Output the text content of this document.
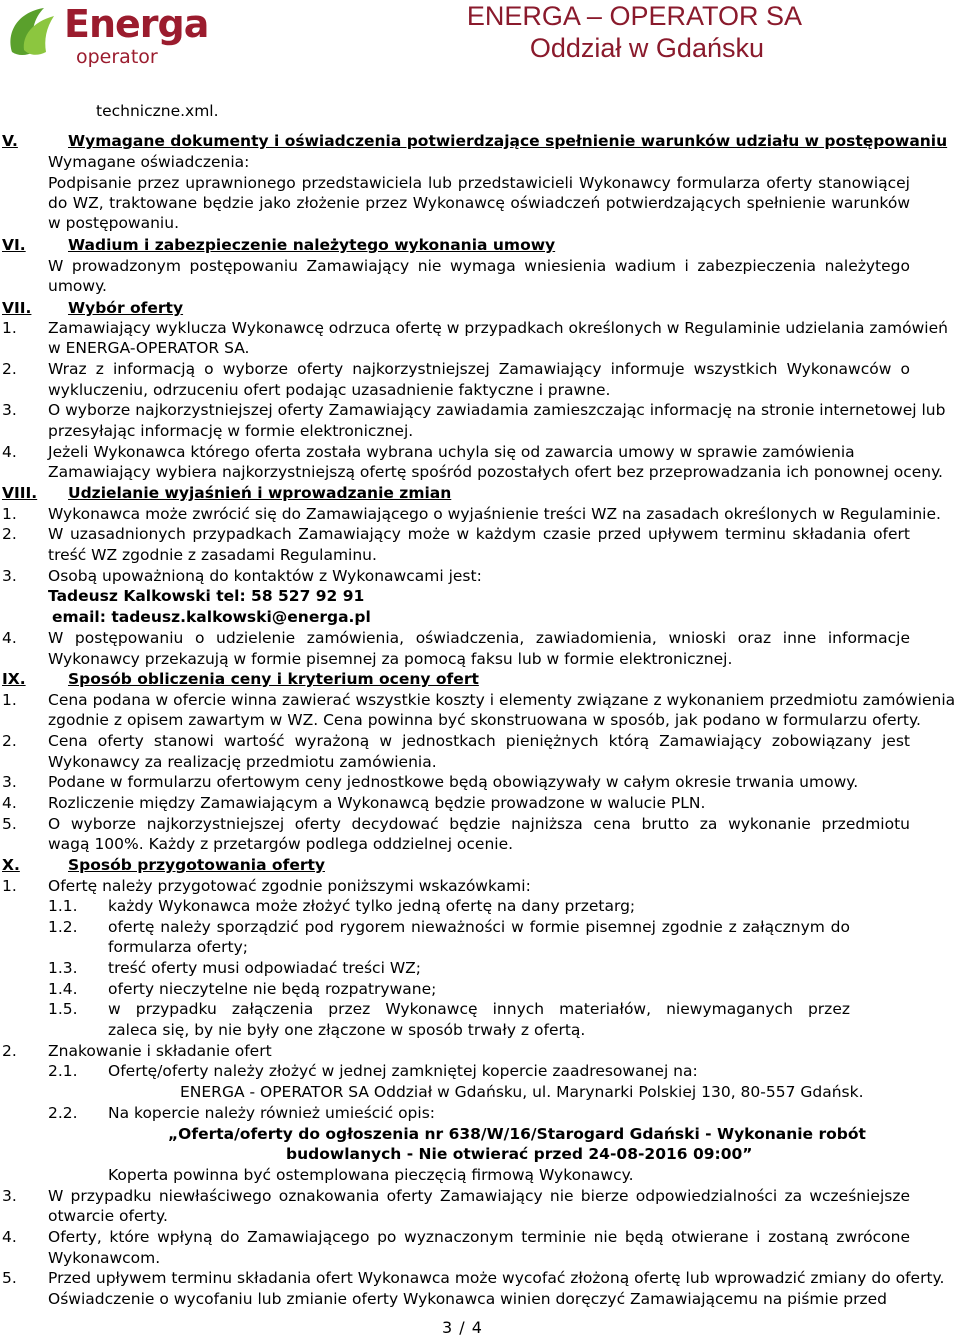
Energa
operator
ENERGA – OPERATOR SA
Oddział w Gdańsku
techniczne.xml.
V.	Wymagane dokumenty i oświadczenia potwierdzające spełnienie warunków udziału w postępowaniu
Wymagane oświadczenia:
Podpisanie przez uprawnionego przedstawiciela lub przedstawicieli Wykonawcy formularza oferty stanowiącej
do WZ, traktowane będzie jako złożenie przez Wykonawcę oświadczeń potwierdzających spełnienie warunków
w postępowaniu.
VI.	Wadium i zabezpieczenie należytego wykonania umowy
W prowadzonym postępowaniu Zamawiający nie wymaga wniesienia wadium i zabezpieczenia należytego
umowy.
VII. Wybór oferty
1. Zamawiający wyklucza Wykonawcę odrzuca ofertę w przypadkach określonych w Regulaminie udzielania zamówień
w ENERGA-OPERATOR SA.
2. Wraz z informacją o wyborze oferty najkorzystniejszej Zamawiający informuje wszystkich Wykonawców o
wykluczeniu, odrzuceniu ofert podając uzasadnienie faktyczne i prawne.
3. O wyborze najkorzystniejszej oferty Zamawiający zawiadamia zamieszczając informację na stronie internetowej lub
przesyłając informację w formie elektronicznej.
4. Jeżeli Wykonawca którego oferta została wybrana uchyla się od zawarcia umowy w sprawie zamówienia
Zamawiający wybiera najkorzystniejszą ofertę spośród pozostałych ofert bez przeprowadzania ich ponownej oceny.
VIII. Udzielanie wyjaśnień i wprowadzanie zmian
1. Wykonawca może zwrócić się do Zamawiającego o wyjaśnienie treści WZ na zasadach określonych w Regulaminie.
2. W uzasadnionych przypadkach Zamawiający może w każdym czasie przed upływem terminu składania ofert
treść WZ zgodnie z zasadami Regulaminu.
3. Osobą upoważnioną do kontaktów z Wykonawcami jest:
Tadeusz Kalkowski tel: 58 527 92 91
email: tadeusz.kalkowski@energa.pl
4. W postępowaniu o udzielenie zamówienia, oświadczenia, zawiadomienia, wnioski oraz inne informacje
Wykonawcy przekazują w formie pisemnej za pomocą faksu lub w formie elektronicznej.
IX.	Sposób obliczenia ceny i kryterium oceny ofert
1. Cena podana w ofercie winna zawierać wszystkie koszty i elementy związane z wykonaniem przedmiotu zamówienia
zgodnie z opisem zawartym w WZ. Cena powinna być skonstruowana w sposób, jak podano w formularzu oferty.
2. Cena oferty stanowi wartość wyrażoną w jednostkach pieniężnych którą Zamawiający zobowiązany jest
Wykonawcy za realizację przedmiotu zamówienia.
3. Podane w formularzu ofertowym ceny jednostkowe będą obowiązywały w całym okresie trwania umowy.
4. Rozliczenie między Zamawiającym a Wykonawcą będzie prowadzone w walucie PLN.
5. O wyborze najkorzystniejszej oferty decydować będzie najniższa cena brutto za wykonanie przedmiotu
wagą 100%. Każdy z przetargów podlega oddzielnej ocenie.
X.	Sposób przygotowania oferty
1. Ofertę należy przygotować zgodnie poniższymi wskazówkami:
1.1. każdy Wykonawca może złożyć tylko jedną ofertę na dany przetarg;
1.2. ofertę należy sporządzić pod rygorem nieważności w formie pisemnej zgodnie z załącznym do
formularza oferty;
1.3. treść oferty musi odpowiadać treści WZ;
1.4. oferty nieczytelne nie będą rozpatrywane;
1.5. w przypadku załączenia przez Wykonawcę innych materiałów, niewymaganych przez
zaleca się, by nie były one złączone w sposób trwały z ofertą.
2. Znakowanie i składanie ofert
2.1. Ofertę/oferty należy złożyć w jednej zamkniętej kopercie zaadresowanej na:
ENERGA - OPERATOR SA Oddział w Gdańsku, ul. Marynarki Polskiej 130, 80-557 Gdańsk.
2.2. Na kopercie należy również umieścić opis:
„Oferta/oferty do ogłoszenia nr 638/W/16/Starogard Gdański - Wykonanie robót
budowlanych - Nie otwierać przed 24-08-2016 09:00”
Koperta powinna być ostemplowana pieczęcią firmową Wykonawcy.
3. W przypadku niewłaściwego oznakowania oferty Zamawiający nie bierze odpowiedzialności za wcześniejsze
otwarcie oferty.
4. Oferty, które wpłyną do Zamawiającego po wyznaczonym terminie nie będą otwierane i zostaną zwrócone
Wykonawcom.
5. Przed upływem terminu składania ofert Wykonawca może wycofać złożoną ofertę lub wprowadzić zmiany do oferty.
Oświadczenie o wycofaniu lub zmianie oferty Wykonawca winien doręczyć Zamawiającemu na piśmie przed
3 / 4
